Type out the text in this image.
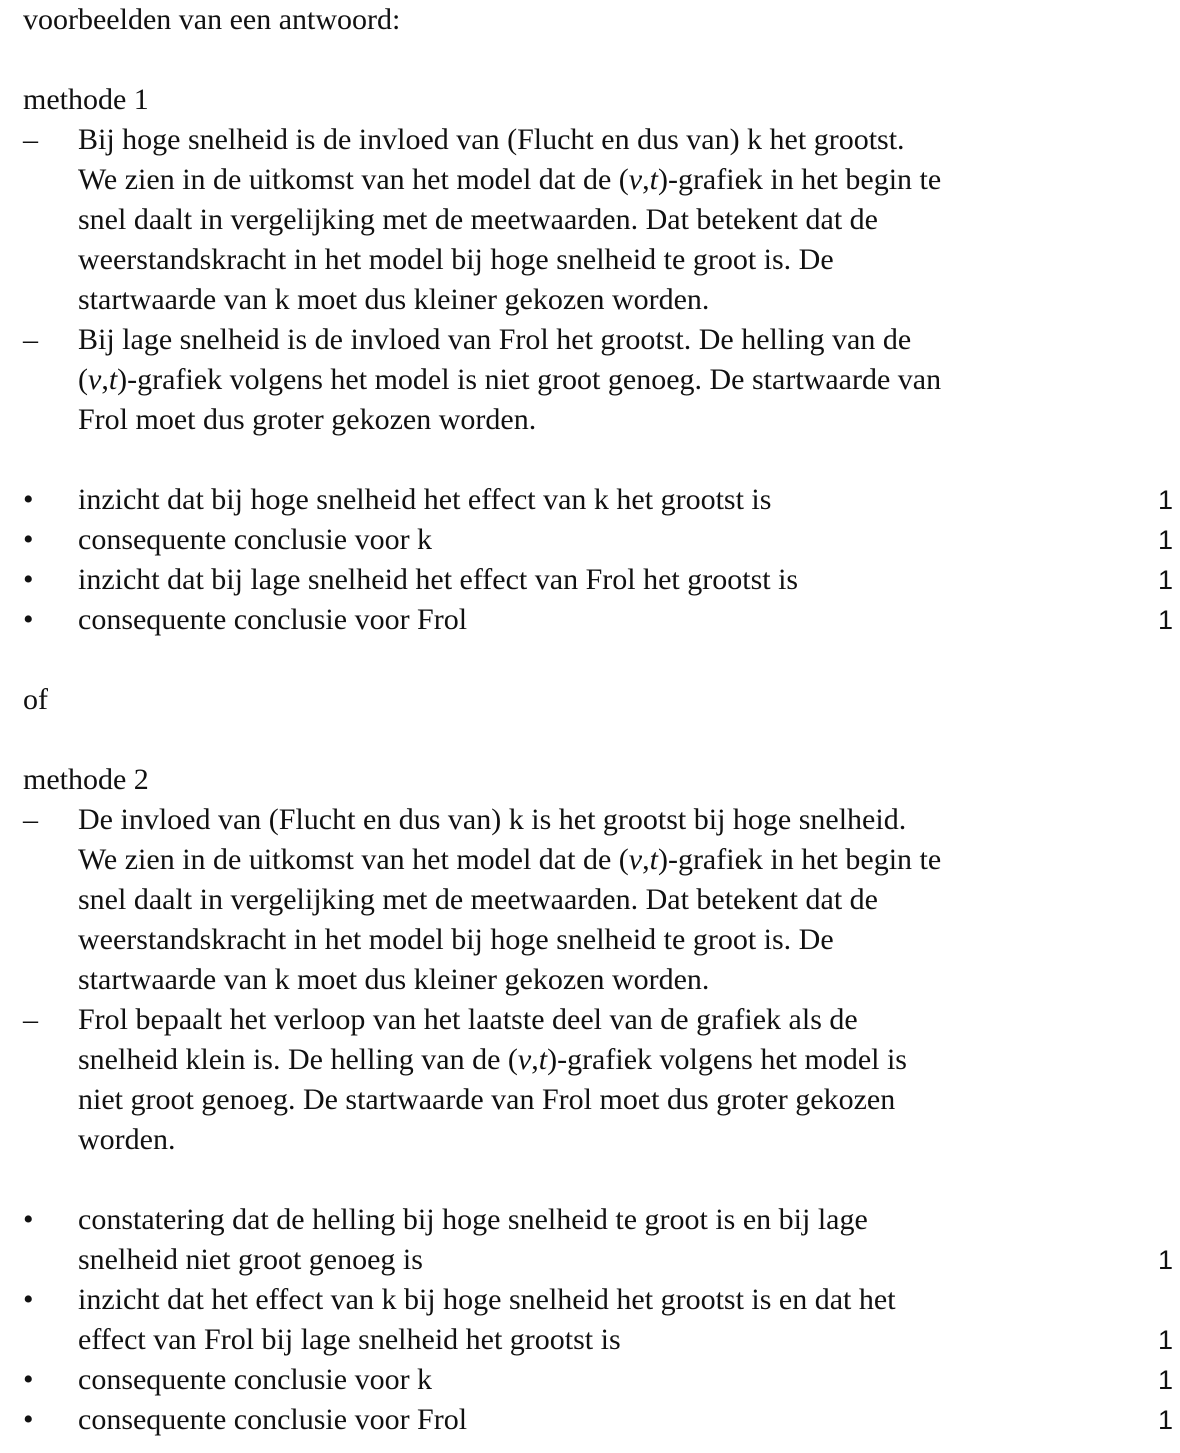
voorbeelden van een antwoord:
methode 1
– Bij hoge snelheid is de invloed van (Flucht en dus van) k het grootst.
We zien in de uitkomst van het model dat de (v,t)-grafiek in het begin te
snel daalt in vergelijking met de meetwaarden. Dat betekent dat de
weerstandskracht in het model bij hoge snelheid te groot is. De
startwaarde van k moet dus kleiner gekozen worden.
– Bij lage snelheid is de invloed van Frol het grootst. De helling van de
(v,t)-grafiek volgens het model is niet groot genoeg. De startwaarde van
Frol moet dus groter gekozen worden.
• inzicht dat bij hoge snelheid het effect van k het grootst is	1
• consequente conclusie voor k	1
• inzicht dat bij lage snelheid het effect van Frol het grootst is	1
• consequente conclusie voor Frol	1
of
methode 2
– De invloed van (Flucht en dus van) k is het grootst bij hoge snelheid.
We zien in de uitkomst van het model dat de (v,t)-grafiek in het begin te
snel daalt in vergelijking met de meetwaarden. Dat betekent dat de
weerstandskracht in het model bij hoge snelheid te groot is. De
startwaarde van k moet dus kleiner gekozen worden.
– Frol bepaalt het verloop van het laatste deel van de grafiek als de
snelheid klein is. De helling van de (v,t)-grafiek volgens het model is
niet groot genoeg. De startwaarde van Frol moet dus groter gekozen
worden.
• constatering dat de helling bij hoge snelheid te groot is en bij lage
snelheid niet groot genoeg is	1
• inzicht dat het effect van k bij hoge snelheid het grootst is en dat het
effect van Frol bij lage snelheid het grootst is	1
• consequente conclusie voor k	1
• consequente conclusie voor Frol	1
